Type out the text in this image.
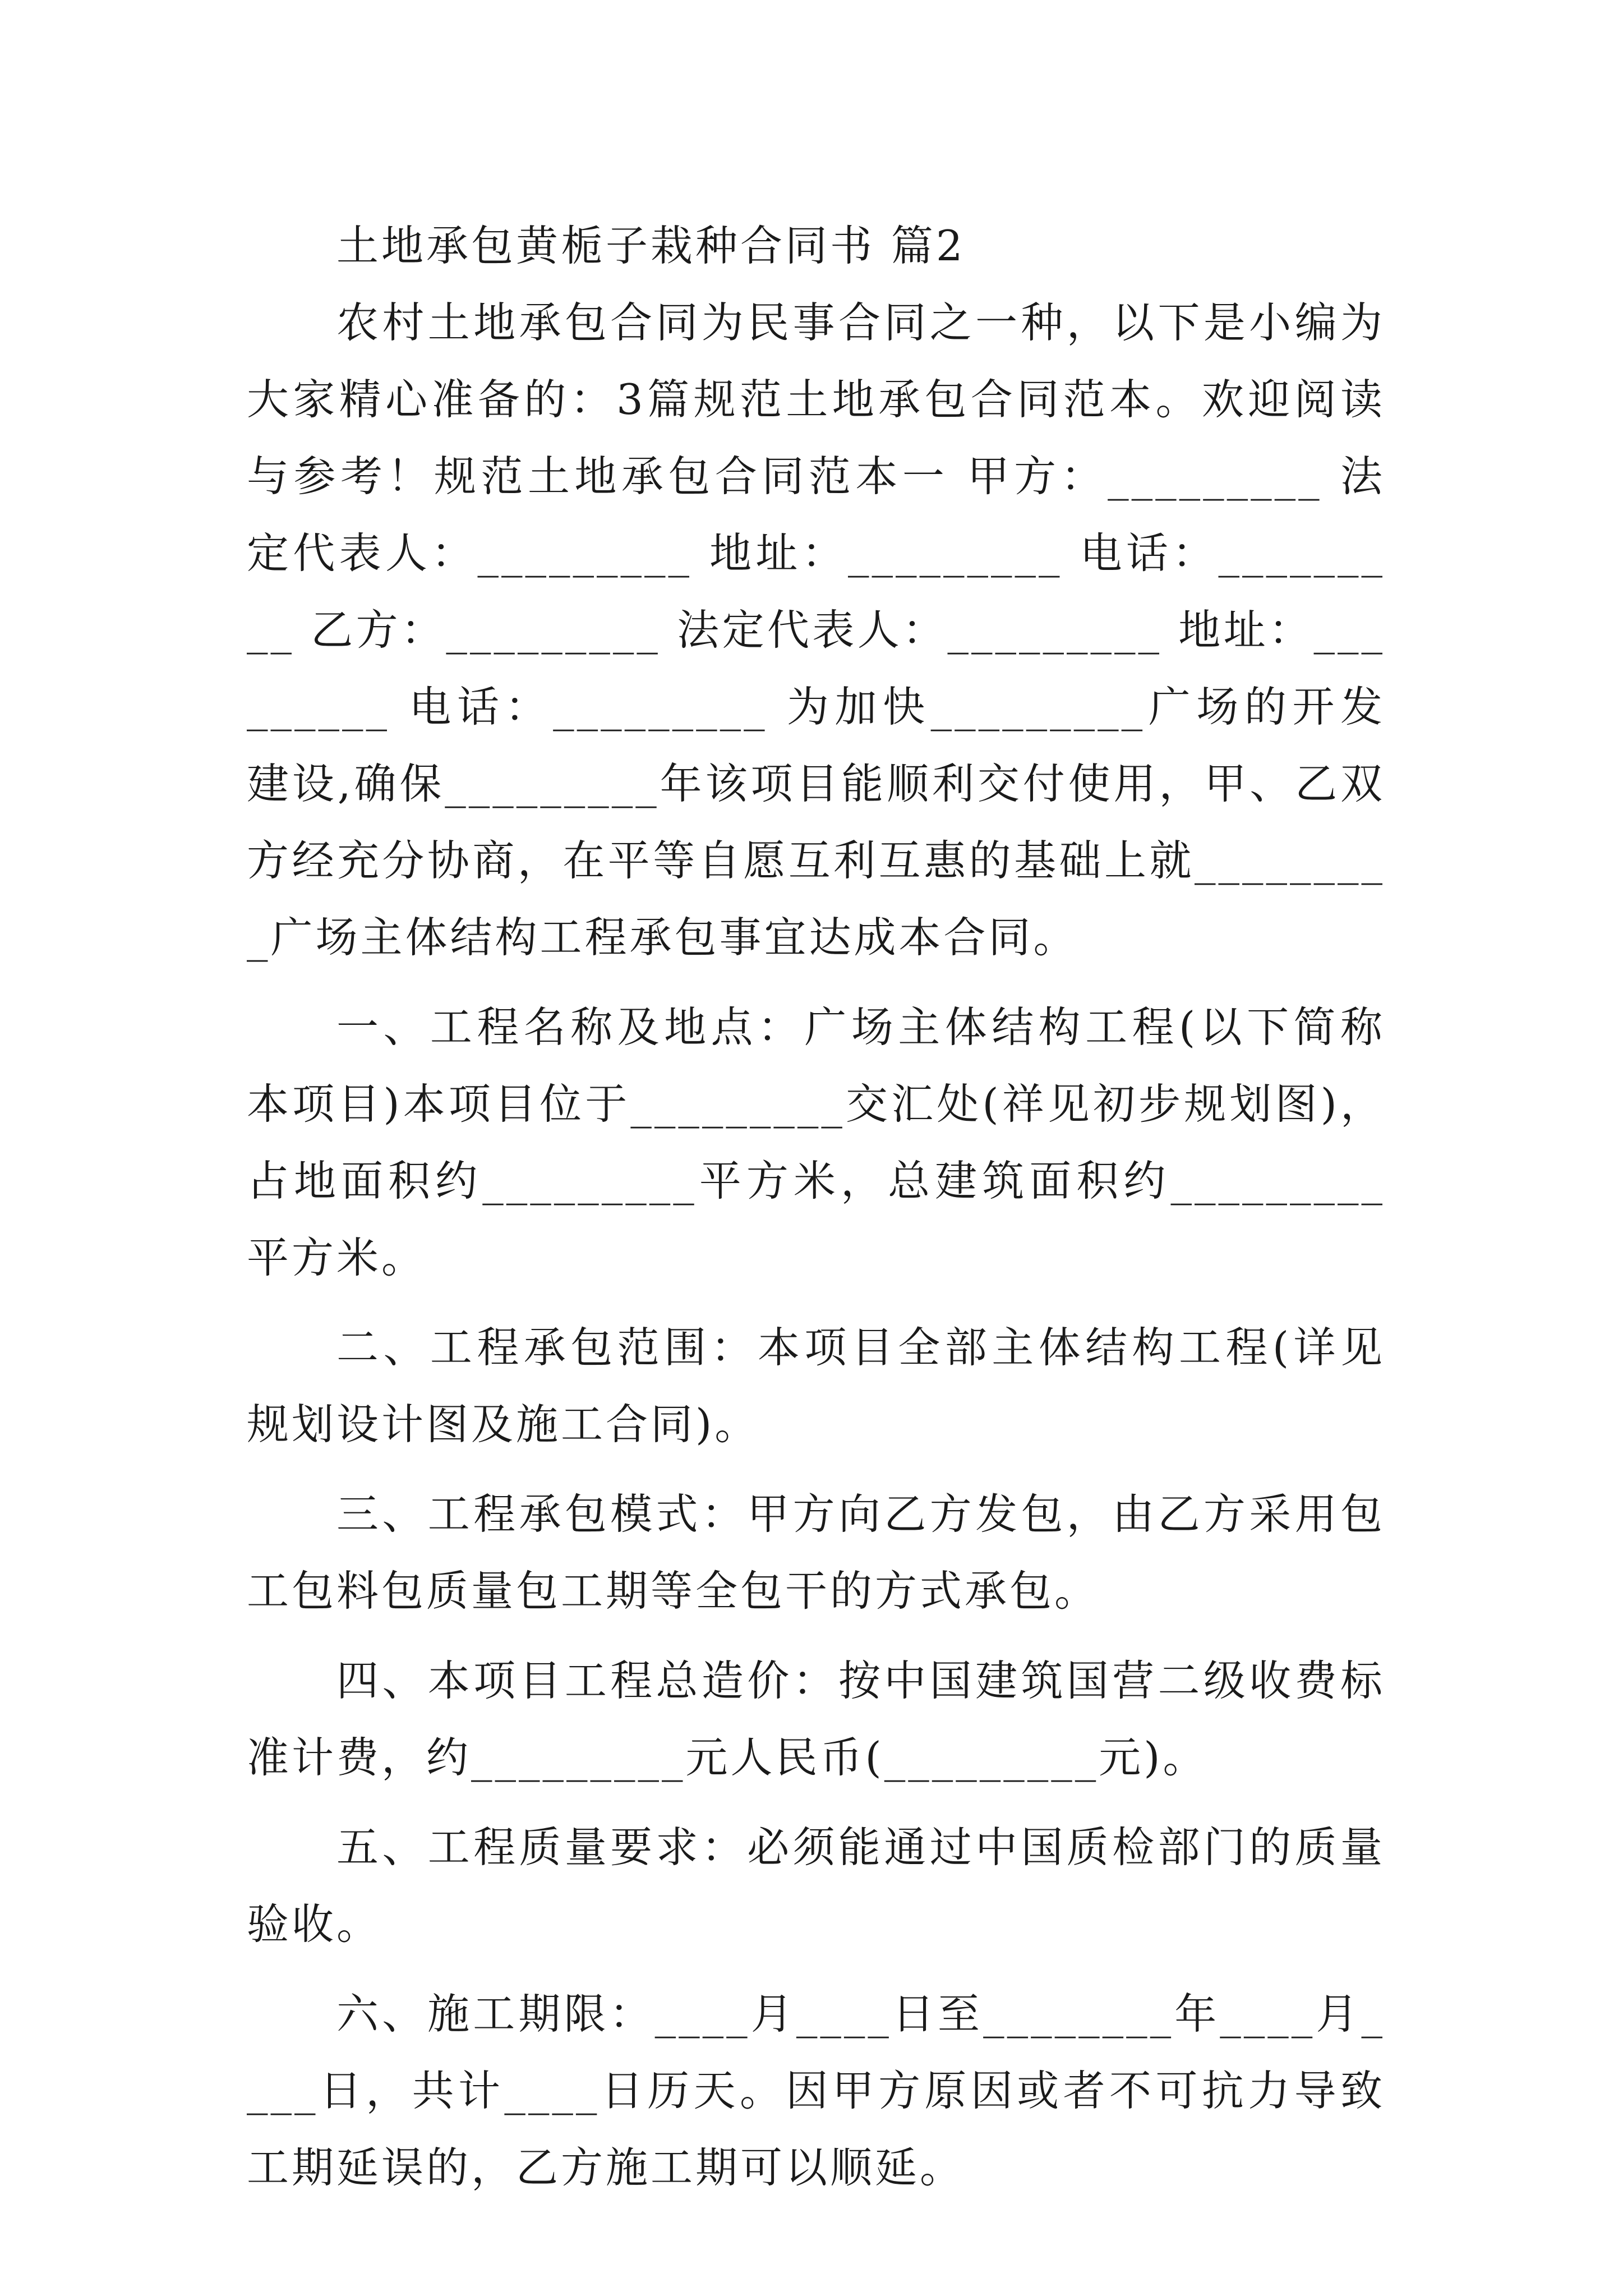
土地承包黄栀子栽种合同书 篇2

农村土地承包合同为民事合同之一种，以下是小编为大家精心准备的：3篇规范土地承包合同范本。欢迎阅读与参考！规范土地承包合同范本一 甲方：_________ 法定代表人：_________ 地址：_________ 电话：_________ 乙方：_________ 法定代表人：_________ 地址：_________ 电话：_________ 为加快_________广场的开发建设,确保_________年该项目能顺利交付使用，甲、乙双方经充分协商，在平等自愿互利互惠的基础上就_________广场主体结构工程承包事宜达成本合同。

一、工程名称及地点：广场主体结构工程(以下简称本项目)本项目位于_________交汇处(祥见初步规划图)，占地面积约_________平方米，总建筑面积约_________平方米。

二、工程承包范围：本项目全部主体结构工程(详见规划设计图及施工合同)。

三、工程承包模式：甲方向乙方发包，由乙方采用包工包料包质量包工期等全包干的方式承包。

四、本项目工程总造价：按中国建筑国营二级收费标准计费，约_________元人民币(_________元)。

五、工程质量要求：必须能通过中国质检部门的质量验收。

六、施工期限：____月____日至________年____月____日，共计____日历天。因甲方原因或者不可抗力导致工期延误的，乙方施工期可以顺延。
